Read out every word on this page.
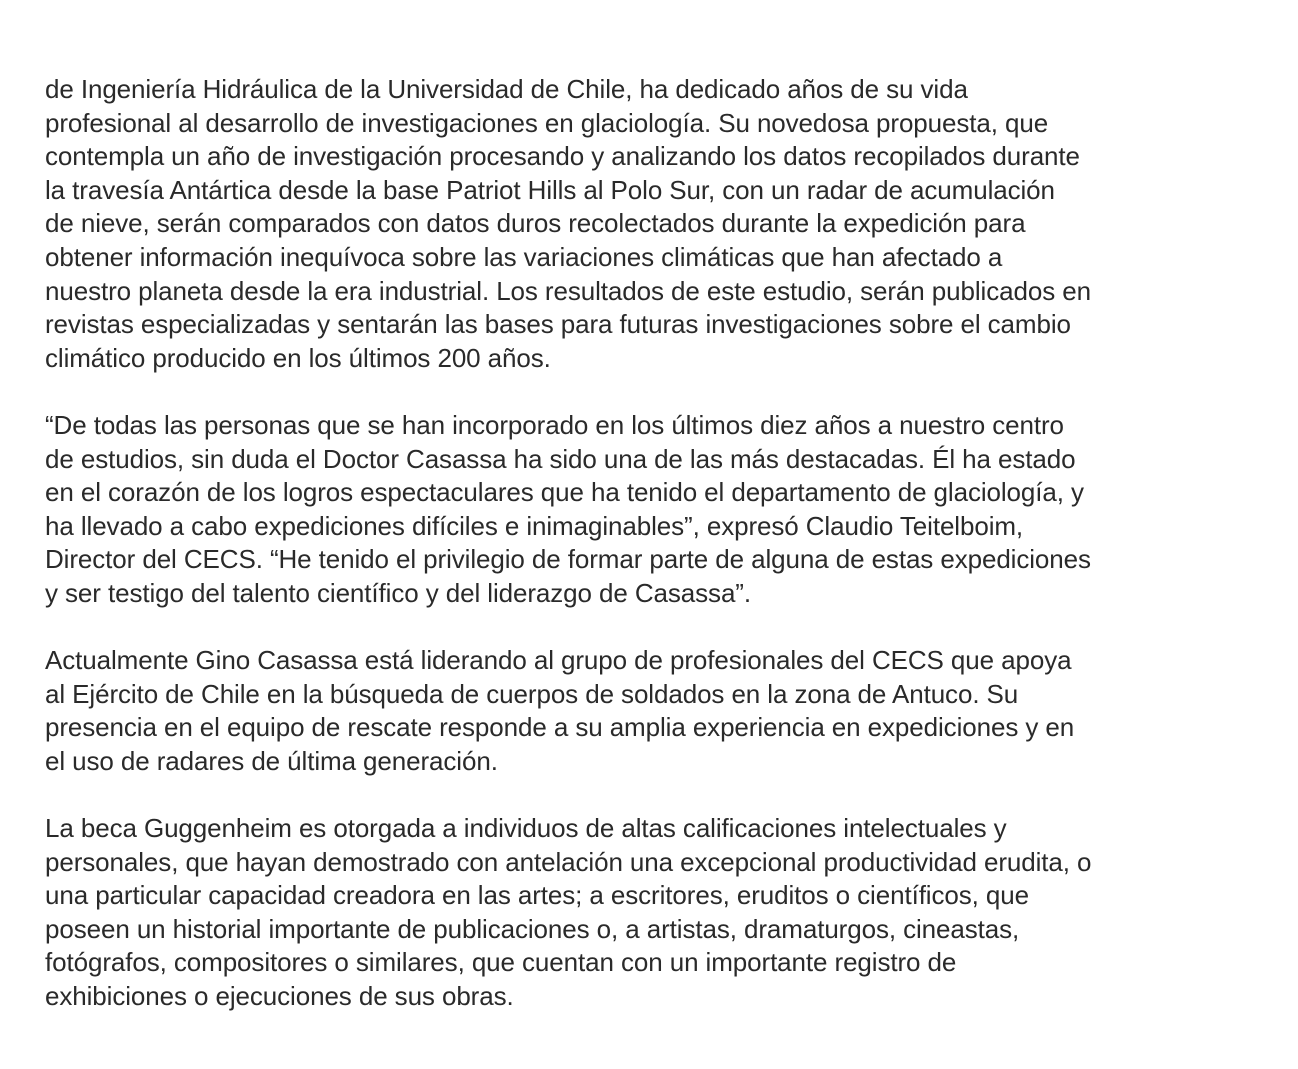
de Ingeniería Hidráulica de la Universidad de Chile, ha dedicado años de su vida
profesional al desarrollo de investigaciones en glaciología. Su novedosa propuesta, que
contempla un año de investigación procesando y analizando los datos recopilados durante
la travesía Antártica desde la base Patriot Hills al Polo Sur, con un radar de acumulación
de nieve, serán comparados con datos duros recolectados durante la expedición para
obtener información inequívoca sobre las variaciones climáticas que han afectado a
nuestro planeta desde la era industrial. Los resultados de este estudio, serán publicados en
revistas especializadas y sentarán las bases para futuras investigaciones sobre el cambio
climático producido en los últimos 200 años.

“De todas las personas que se han incorporado en los últimos diez años a nuestro centro
de estudios, sin duda el Doctor Casassa ha sido una de las más destacadas. Él ha estado
en el corazón de los logros espectaculares que ha tenido el departamento de glaciología, y
ha llevado a cabo expediciones difíciles e inimaginables”, expresó Claudio Teitelboim,
Director del CECS. “He tenido el privilegio de formar parte de alguna de estas expediciones
y ser testigo del talento científico y del liderazgo de Casassa”.

Actualmente Gino Casassa está liderando al grupo de profesionales del CECS que apoya
al Ejército de Chile en la búsqueda de cuerpos de soldados en la zona de Antuco. Su
presencia en el equipo de rescate responde a su amplia experiencia en expediciones y en
el uso de radares de última generación.

La beca Guggenheim es otorgada a individuos de altas calificaciones intelectuales y
personales, que hayan demostrado con antelación una excepcional productividad erudita, o
una particular capacidad creadora en las artes; a escritores, eruditos o científicos, que
poseen un historial importante de publicaciones o, a artistas, dramaturgos, cineastas,
fotógrafos, compositores o similares, que cuentan con un importante registro de
exhibiciones o ejecuciones de sus obras.
